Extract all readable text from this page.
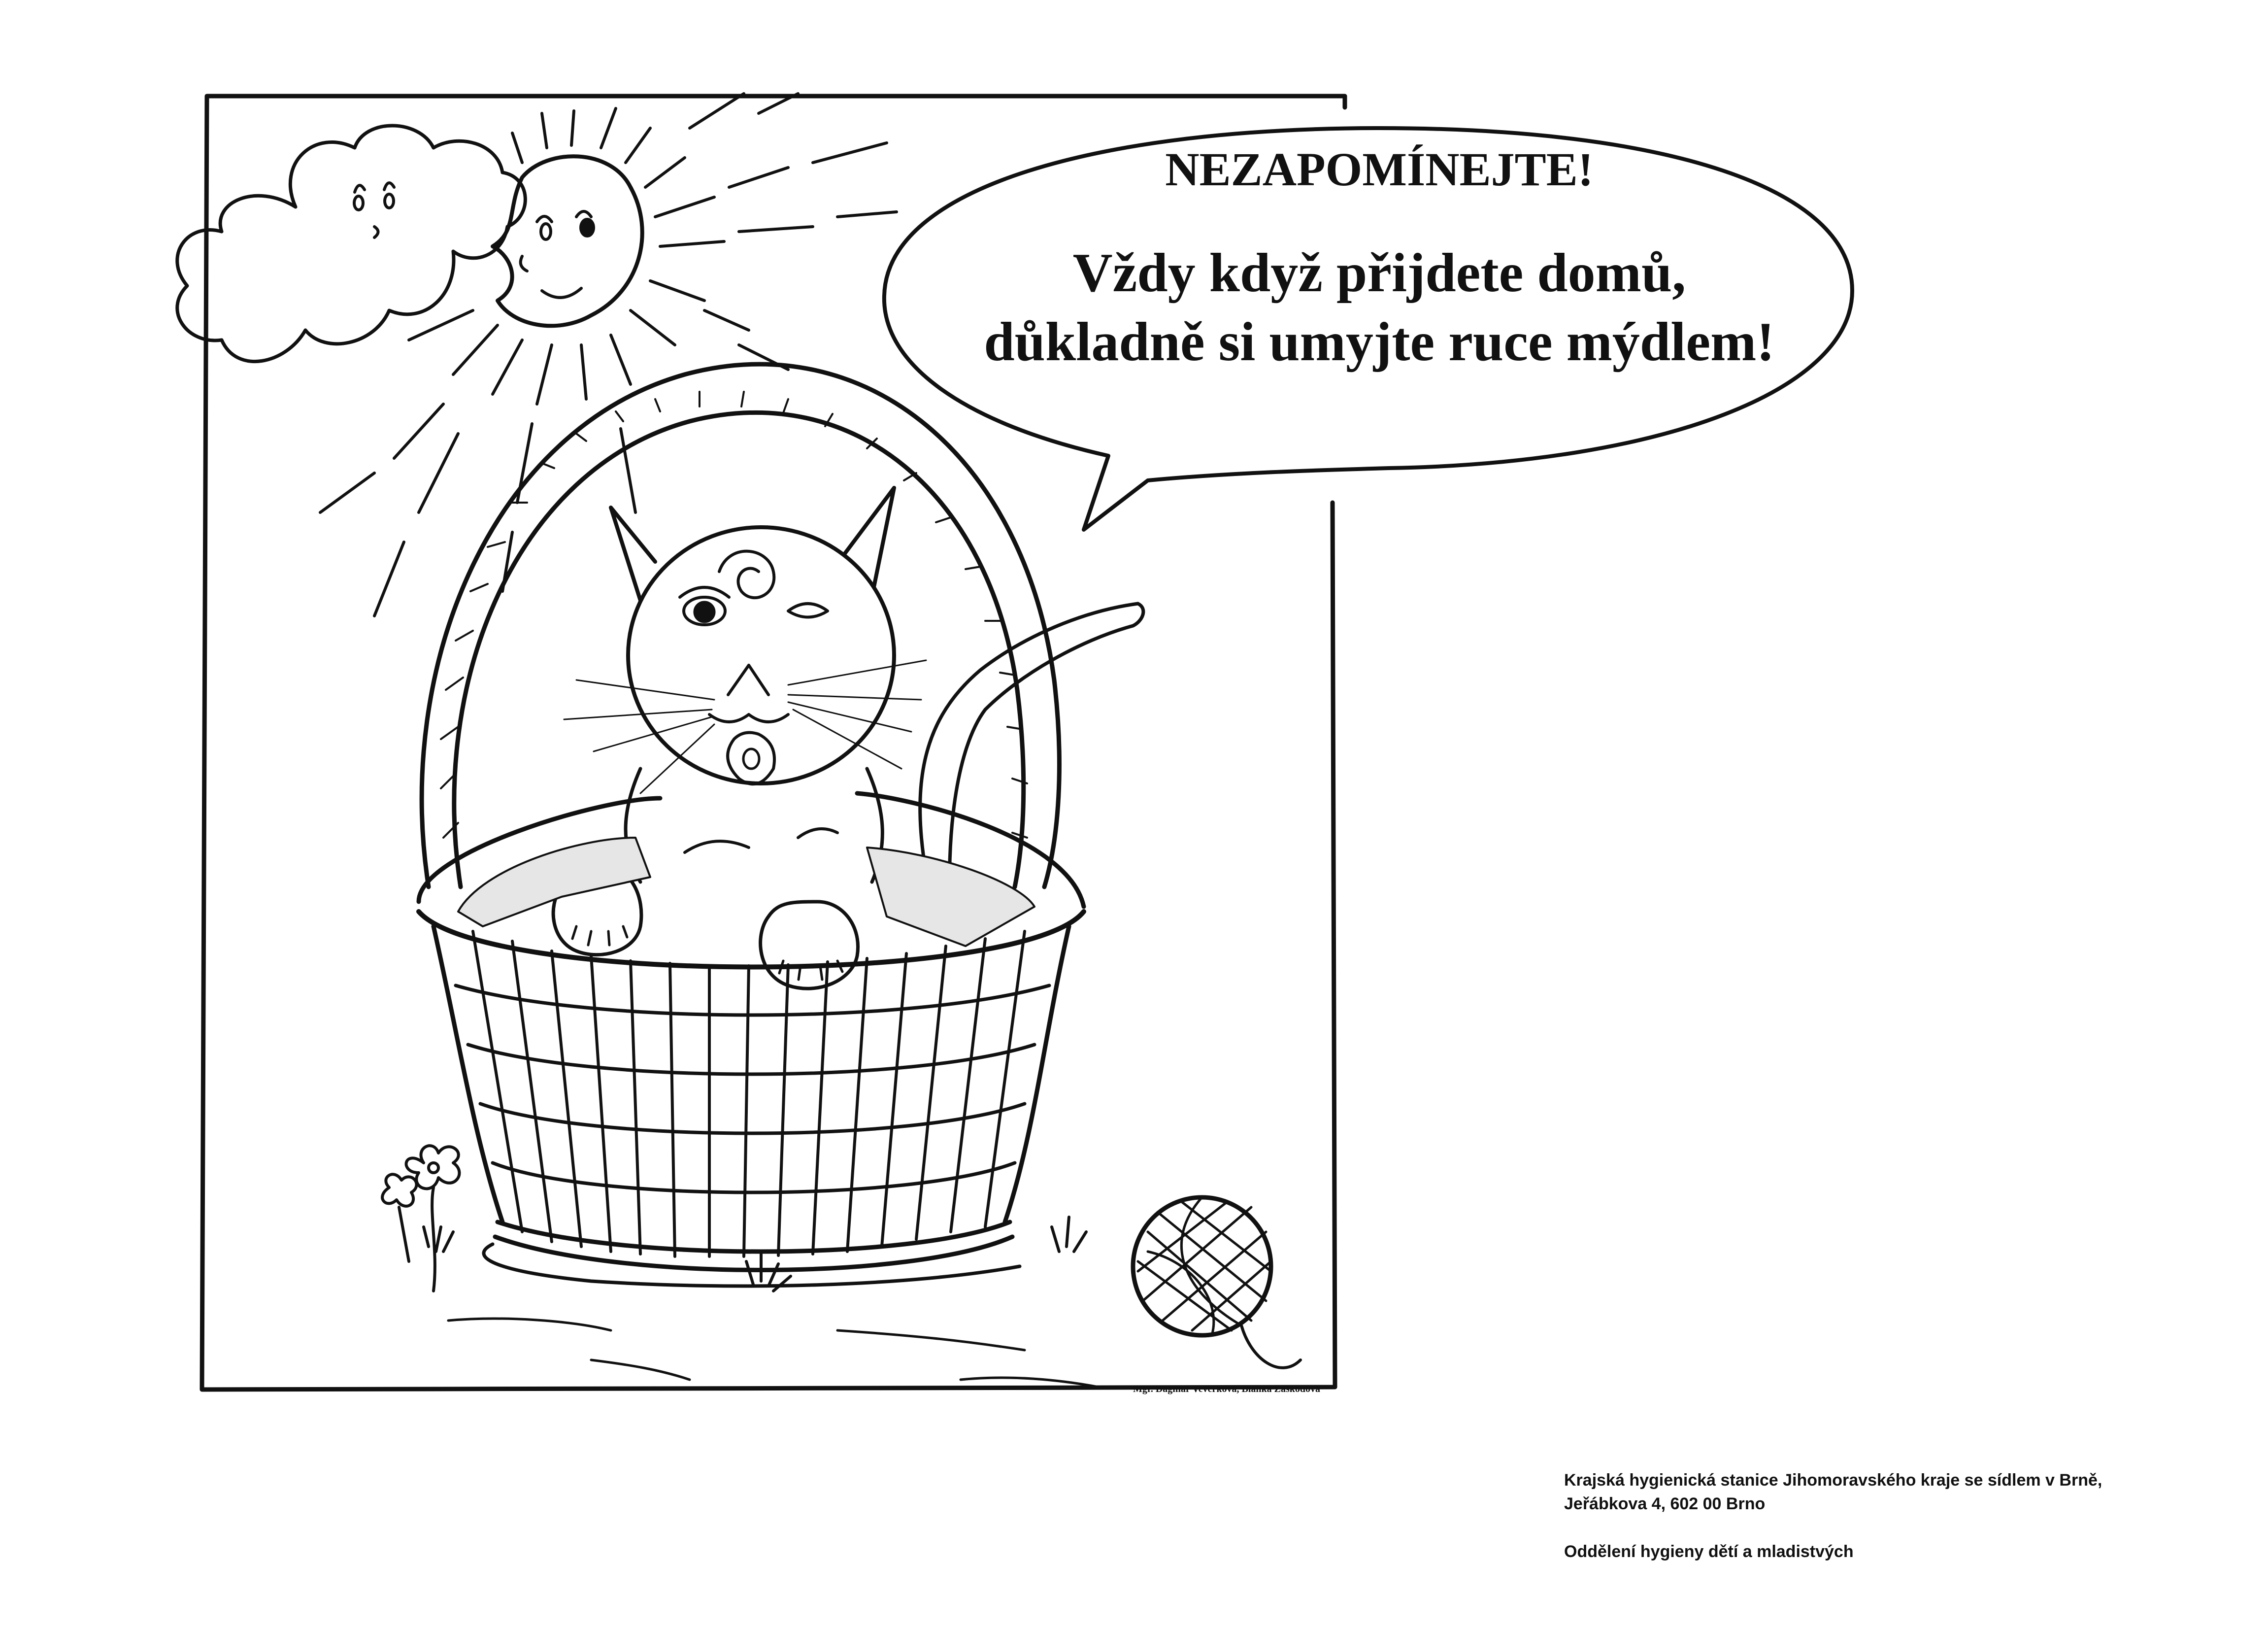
NEZAPOMÍNEJTE!
Vždy když přijdete domů,
důkladně si umyjte ruce mýdlem!
Mgr. Dagmar Veverková, Blanka Záškodová
Krajská hygienická stanice Jihomoravského kraje se sídlem v Brně,
Jeřábkova 4, 602 00 Brno
Oddělení hygieny dětí a mladistvých
